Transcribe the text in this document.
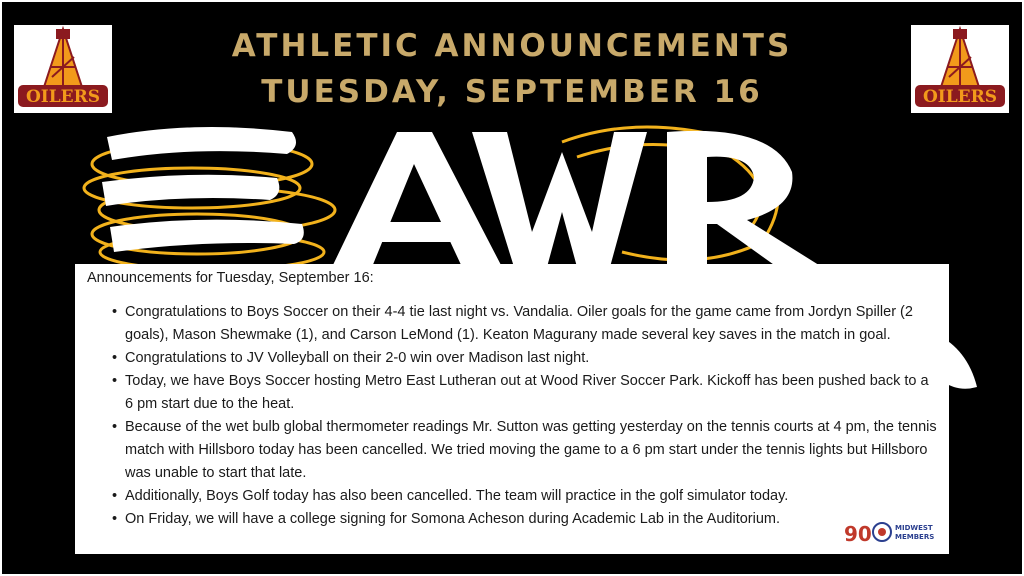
OILERS	OILERS
ATHLETIC ANNOUNCEMENTS
TUESDAY, SEPTEMBER 16

Announcements for Tuesday, September 16:

• Congratulations to Boys Soccer on their 4-4 tie last night vs. Vandalia. Oiler goals for the game came from Jordyn Spiller (2 goals), Mason Shewmake (1), and Carson LeMond (1). Keaton Magurany made several key saves in the match in goal.
• Congratulations to JV Volleyball on their 2-0 win over Madison last night.
• Today, we have Boys Soccer hosting Metro East Lutheran out at Wood River Soccer Park. Kickoff has been pushed back to a 6 pm start due to the heat.
• Because of the wet bulb global thermometer readings Mr. Sutton was getting yesterday on the tennis courts at 4 pm, the tennis match with Hillsboro today has been cancelled. We tried moving the game to a 6 pm start under the tennis lights but Hillsboro was unable to start that late.
• Additionally, Boys Golf today has also been cancelled. The team will practice in the golf simulator today.
• On Friday, we will have a college signing for Somona Acheson during Academic Lab in the Auditorium.
90	MIDWEST
MEMBERS
